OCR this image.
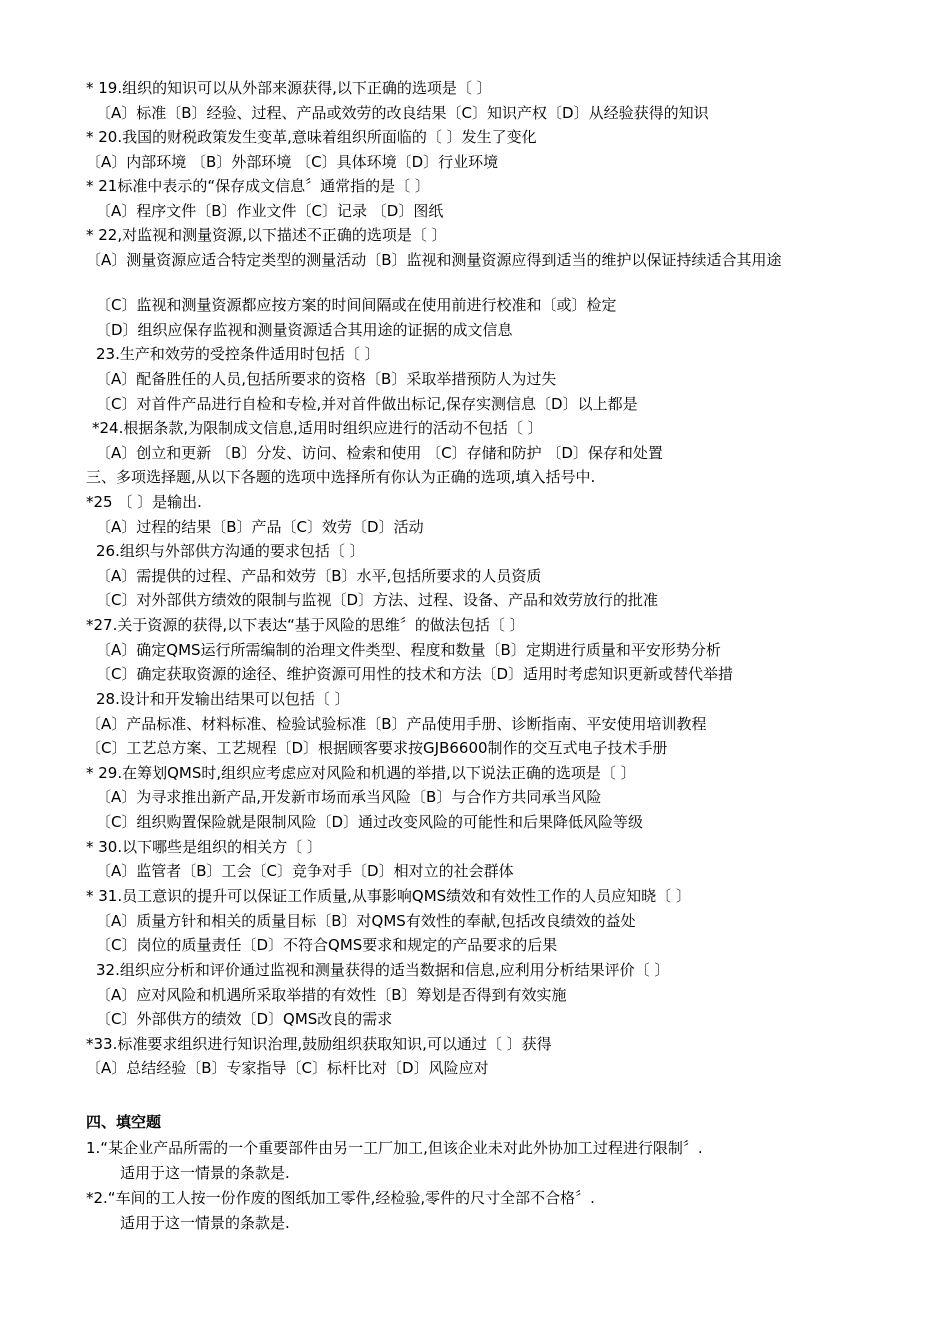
* 19.组织的知识可以从外部来源获得,以下正确的选项是〔 〕
〔A〕标准〔B〕经验、过程、产品或效劳的改良结果〔C〕知识产权〔D〕从经验获得的知识
* 20.我国的财税政策发生变革,意味着组织所面临的〔 〕发生了变化
〔A〕内部环境 〔B〕外部环境 〔C〕具体环境〔D〕行业环境
* 21标准中表示的“保存成文信息〞通常指的是〔 〕
〔A〕程序文件〔B〕作业文件〔C〕记录 〔D〕图纸
* 22,对监视和测量资源,以下描述不正确的选项是〔 〕
〔A〕测量资源应适合特定类型的测量活动〔B〕监视和测量资源应得到适当的维护以保证持续适合其用途
〔C〕监视和测量资源都应按方案的时间间隔或在使用前进行校准和〔或〕检定
〔D〕组织应保存监视和测量资源适合其用途的证据的成文信息
23.生产和效劳的受控条件适用时包括〔 〕
〔A〕配备胜任的人员,包括所要求的资格〔B〕采取举措预防人为过失
〔C〕对首件产品进行自检和专检,并对首件做出标记,保存实测信息〔D〕以上都是
*24.根据条款,为限制成文信息,适用时组织应进行的活动不包括〔 〕
〔A〕创立和更新 〔B〕分发、访问、检索和使用 〔C〕存储和防护 〔D〕保存和处置
三、多项选择题,从以下各题的选项中选择所有你认为正确的选项,填入括号中.
*25 〔 〕是输出.
〔A〕过程的结果〔B〕产品〔C〕效劳〔D〕活动
26.组织与外部供方沟通的要求包括〔 〕
〔A〕需提供的过程、产品和效劳〔B〕水平,包括所要求的人员资质
〔C〕对外部供方绩效的限制与监视〔D〕方法、过程、设备、产品和效劳放行的批准
*27.关于资源的获得,以下表达“基于风险的思维〞的做法包括〔 〕
〔A〕确定QMS运行所需编制的治理文件类型、程度和数量〔B〕定期进行质量和平安形势分析
〔C〕确定获取资源的途径、维护资源可用性的技术和方法〔D〕适用时考虑知识更新或替代举措
28.设计和开发输出结果可以包括〔 〕
〔A〕产品标准、材料标准、检验试验标准〔B〕产品使用手册、诊断指南、平安使用培训教程
〔C〕工艺总方案、工艺规程〔D〕根据顾客要求按GJB6600制作的交互式电子技术手册
* 29.在筹划QMS时,组织应考虑应对风险和机遇的举措,以下说法正确的选项是〔 〕
〔A〕为寻求推出新产品,开发新市场而承当风险〔B〕与合作方共同承当风险
〔C〕组织购置保险就是限制风险〔D〕通过改变风险的可能性和后果降低风险等级
* 30.以下哪些是组织的相关方〔 〕
〔A〕监管者〔B〕工会〔C〕竞争对手〔D〕相对立的社会群体
* 31.员工意识的提升可以保证工作质量,从事影响QMS绩效和有效性工作的人员应知晓〔 〕
〔A〕质量方针和相关的质量目标〔B〕对QMS有效性的奉献,包括改良绩效的益处
〔C〕岗位的质量责任〔D〕不符合QMS要求和规定的产品要求的后果
32.组织应分析和评价通过监视和测量获得的适当数据和信息,应利用分析结果评价〔 〕
〔A〕应对风险和机遇所采取举措的有效性〔B〕筹划是否得到有效实施
〔C〕外部供方的绩效〔D〕QMS改良的需求
*33.标准要求组织进行知识治理,鼓励组织获取知识,可以通过〔 〕获得
〔A〕总结经验〔B〕专家指导〔C〕标杆比对〔D〕风险应对
四、填空题
1.“某企业产品所需的一个重要部件由另一工厂加工,但该企业未对此外协加工过程进行限制〞.
适用于这一情景的条款是.
*2.“车间的工人按一份作废的图纸加工零件,经检验,零件的尺寸全部不合格〞.
适用于这一情景的条款是.
